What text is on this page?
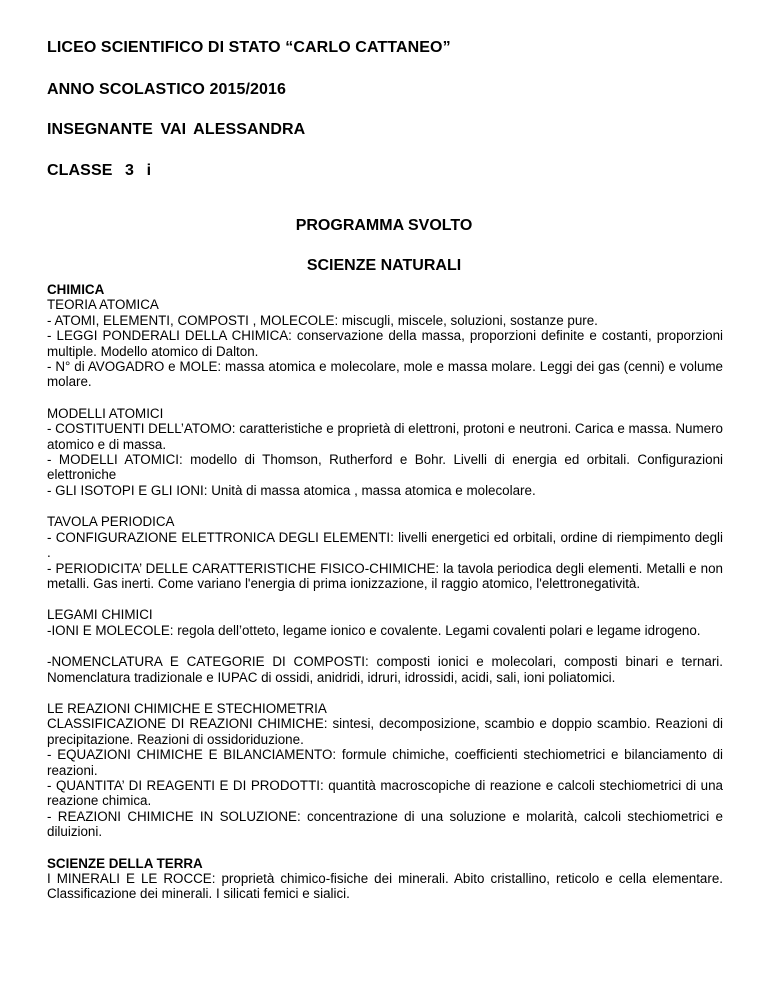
LICEO SCIENTIFICO DI STATO “CARLO CATTANEO”
ANNO SCOLASTICO 2015/2016
INSEGNANTE VAI ALESSANDRA
CLASSE 3 i
PROGRAMMA SVOLTO
SCIENZE NATURALI

CHIMICA

TEORIA ATOMICA

- ATOMI, ELEMENTI, COMPOSTI , MOLECOLE: miscugli, miscele, soluzioni, sostanze pure.

- LEGGI PONDERALI DELLA CHIMICA: conservazione della massa, proporzioni definite e costanti, proporzioni multiple. Modello atomico di Dalton.

- N° di AVOGADRO e MOLE: massa atomica e molecolare, mole e massa molare. Leggi dei gas (cenni) e volume molare.

MODELLI ATOMICI

- COSTITUENTI DELL’ATOMO: caratteristiche e proprietà di elettroni, protoni e neutroni. Carica e massa. Numero atomico e di massa.

- MODELLI ATOMICI: modello di Thomson, Rutherford e Bohr. Livelli di energia ed orbitali. Configurazioni elettroniche

- GLI ISOTOPI E GLI IONI: Unità di massa atomica , massa atomica e molecolare.

TAVOLA PERIODICA

- CONFIGURAZIONE ELETTRONICA DEGLI ELEMENTI: livelli energetici ed orbitali, ordine di riempimento degli .

- PERIODICITA’ DELLE CARATTERISTICHE FISICO-CHIMICHE: la tavola periodica degli elementi. Metalli e non metalli. Gas inerti. Come variano l'energia di prima ionizzazione, il raggio atomico, l'elettronegatività.

LEGAMI CHIMICI

-IONI E MOLECOLE: regola dell’otteto, legame ionico e covalente. Legami covalenti polari e legame idrogeno.

-NOMENCLATURA E CATEGORIE DI COMPOSTI: composti ionici e molecolari, composti binari e ternari. Nomenclatura tradizionale e IUPAC di ossidi, anidridi, idruri, idrossidi, acidi, sali, ioni poliatomici.

LE REAZIONI CHIMICHE E STECHIOMETRIA

CLASSIFICAZIONE DI REAZIONI CHIMICHE: sintesi, decomposizione, scambio e doppio scambio. Reazioni di precipitazione. Reazioni di ossidoriduzione.

- EQUAZIONI CHIMICHE E BILANCIAMENTO: formule chimiche, coefficienti stechiometrici e bilanciamento di reazioni.

- QUANTITA’ DI REAGENTI E DI PRODOTTI: quantità macroscopiche di reazione e calcoli stechiometrici di una reazione chimica.

- REAZIONI CHIMICHE IN SOLUZIONE: concentrazione di una soluzione e molarità, calcoli stechiometrici e diluizioni.

SCIENZE DELLA TERRA

I MINERALI E LE ROCCE: proprietà chimico-fisiche dei minerali. Abito cristallino, reticolo e cella elementare. Classificazione dei minerali. I silicati femici e sialici.
